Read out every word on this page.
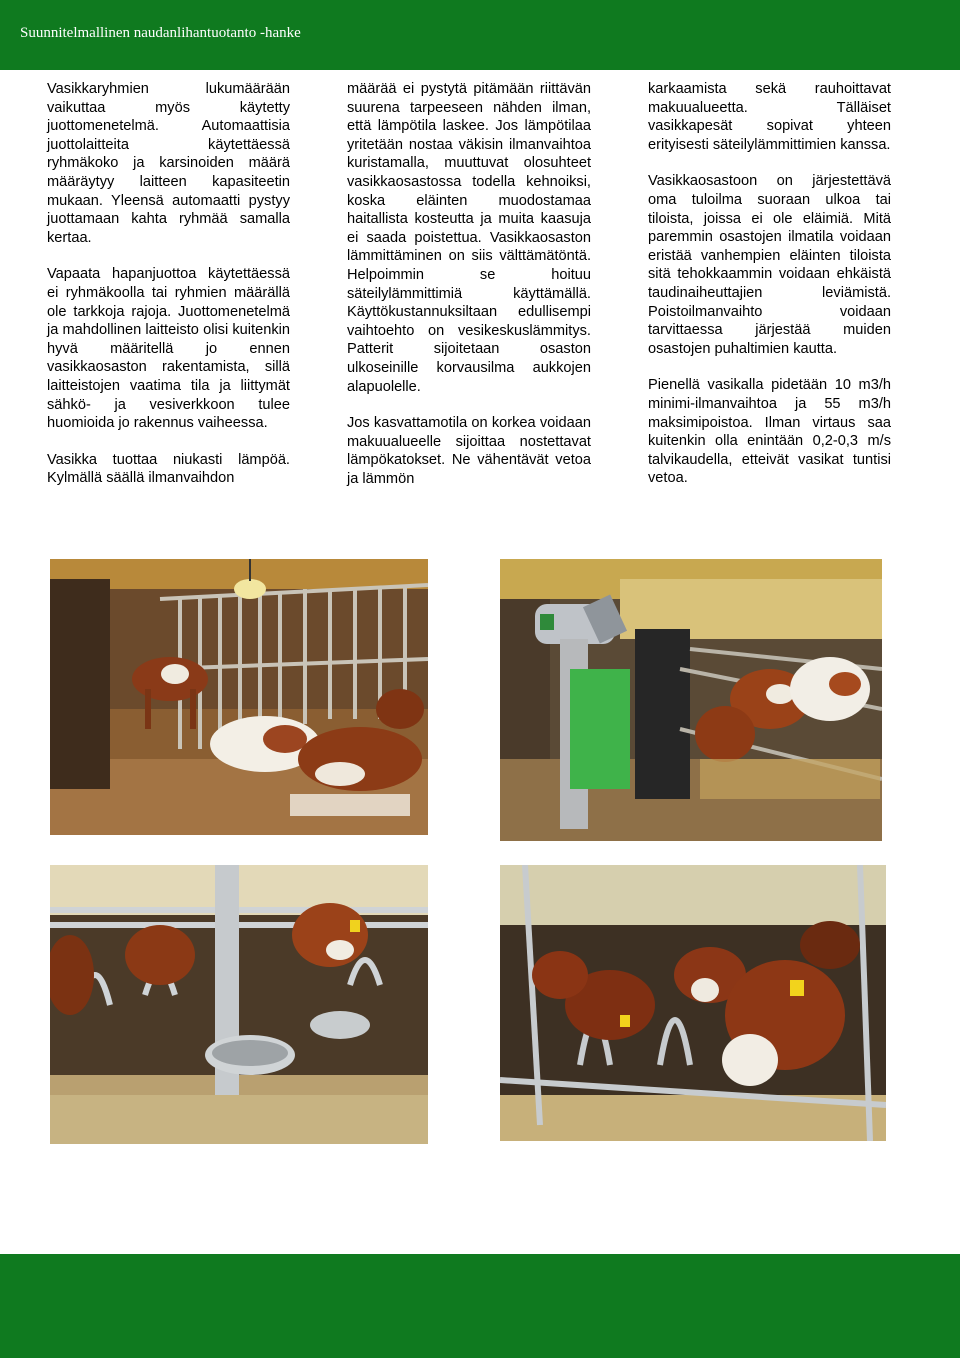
Suunnitelmallinen naudanlihantuotanto -hanke

Vasikkaryhmien lukumäärään vaikuttaa myös käytetty juottomenetelmä. Automaattisia juottolaitteita käytettäessä ryhmäkoko ja karsinoiden määrä määräytyy laitteen kapasiteetin mukaan. Yleensä automaatti pystyy juottamaan kahta ryhmää samalla kertaa.

Vapaata hapanjuottoa käytettäessä ei ryhmäkoolla tai ryhmien määrällä ole tarkkoja rajoja. Juottomenetelmä ja mahdollinen laitteisto olisi kuitenkin hyvä määritellä jo ennen vasikkaosaston rakentamista, sillä laitteistojen vaatima tila ja liittymät sähkö- ja vesiverkkoon tulee huomioida jo rakennus vaiheessa.

Vasikka tuottaa niukasti lämpöä. Kylmällä säällä ilmanvaihdon

määrää ei pystytä pitämään riittävän suurena tarpeeseen nähden ilman, että lämpötila laskee. Jos lämpötilaa yritetään nostaa väkisin ilmanvaihtoa kuristamalla, muuttuvat olosuhteet vasikkaosastossa todella kehnoiksi, koska eläinten muodostamaa haitallista kosteutta ja muita kaasuja ei saada poistettua. Vasikkaosaston lämmittäminen on siis välttämätöntä. Helpoimmin se hoituu säteilylämmittimiä käyttämällä. Käyttökustannuksiltaan edullisempi vaihtoehto on vesikeskuslämmitys. Patterit sijoitetaan osaston ulkoseinille korvausilma aukkojen alapuolelle.

Jos kasvattamotila on korkea voidaan makuualueelle sijoittaa nostettavat lämpökatokset. Ne vähentävät vetoa ja lämmön

karkaamista sekä rauhoittavat makuualueetta. Tälläiset vasikkapesät sopivat yhteen erityisesti säteilylämmittimien kanssa.

Vasikkaosastoon on järjestettävä oma tuloilma suoraan ulkoa tai tiloista, joissa ei ole eläimiä. Mitä paremmin osastojen ilmatila voidaan eristää vanhempien eläinten tiloista sitä tehokkaammin voidaan ehkäistä taudinaiheuttajien leviämistä. Poistoilmanvaihto voidaan tarvittaessa järjestää muiden osastojen puhaltimien kautta.

Pienellä vasikalla pidetään 10 m3/h minimi-ilmanvaihtoa ja 55 m3/h maksimipoistoa. Ilman virtaus saa kuitenkin olla enintään 0,2-0,3 m/s talvikaudella, etteivät vasikat tuntisi vetoa.
